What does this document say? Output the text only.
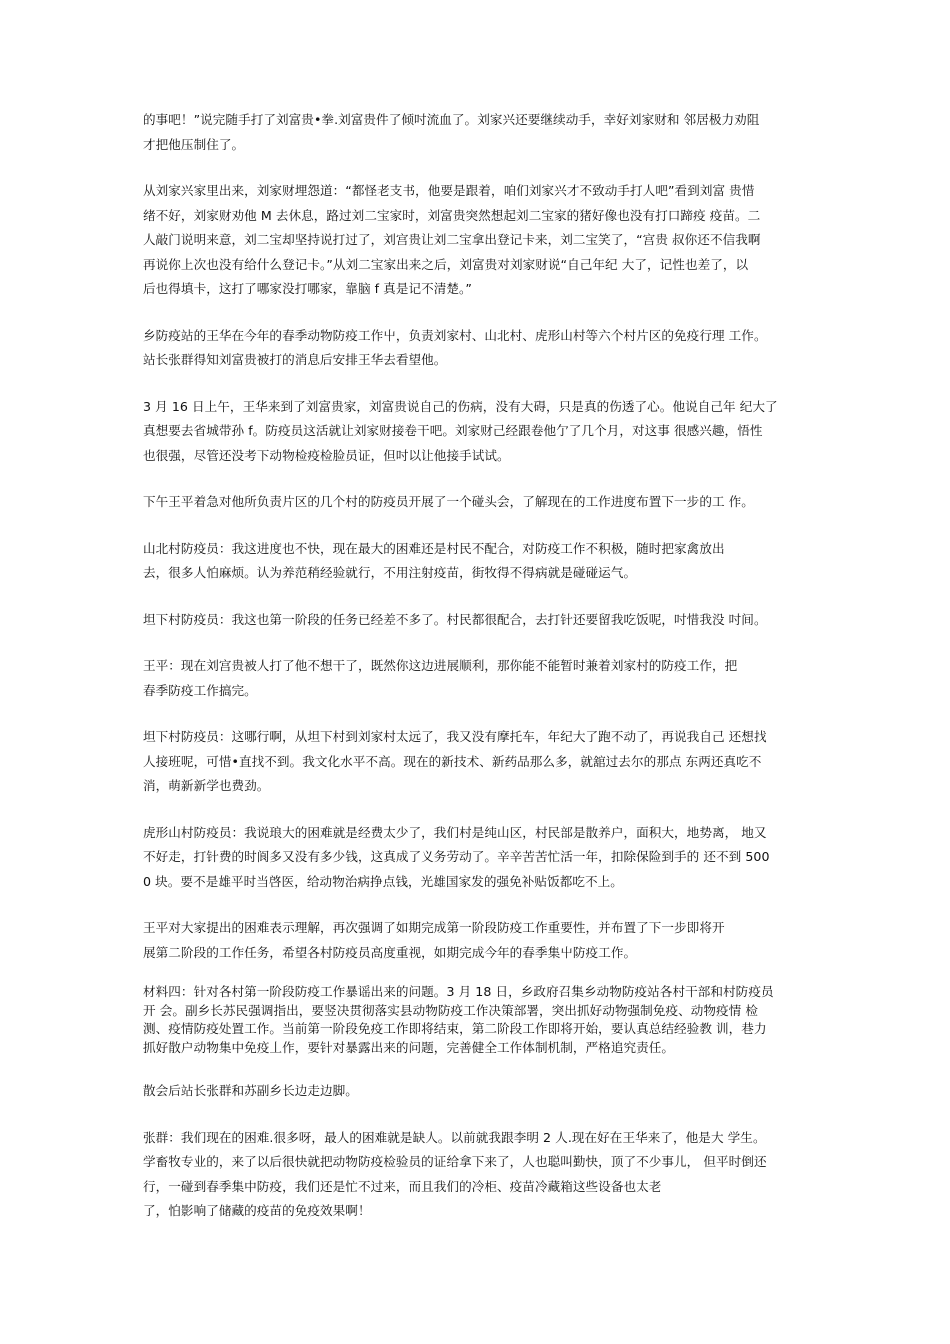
的事吧！”说完随手打了刘富贵•拳.刘富贵件了倾吋流血了。刘家兴还要继续动手，幸好刘家财和 邻居极力劝阻
才把他压制住了。

从刘家兴家里出来，刘家财埋怨道：“都怪老支书，他要是跟着，咱们刘家兴才不致动手打人吧”看到刘富 贵惜
绪不好，刘家财劝他 M 去休息，路过刘二宝家时，刘富贵突然想起刘二宝家的猪好像也没有打口蹄疫 疫苗。二
人敲门说明来意，刘二宝却坚持说打过了，刘宫贵让刘二宝拿出登记卡来，刘二宝笑了，“宫贵 叔你还不信我啊
再说你上次也没有给什么登记卡。”从刘二宝家出来之后，刘富贵对刘家财说“自己年纪 大了，记性也差了，以
后也得填卡，这打了哪家没打哪家，靠脑 f 真是记不清楚。”

乡防疫站的王华在今年的春季动物防疫工作屮，负责刘家村、山北村、虎形山村等六个村片区的免疫行理 工作。
站长张群得知刘富贵被打的消息后安排王华去看望他。

3 月 16 日上午，王华来到了刘富贵家，刘富贵说自己的伤病，没有大碍，只是真的伤透了心。他说自己年 纪大了
真想要去省城带孙 f。防疫员这活就让刘家财接卷干吧。刘家财己经跟卷他亇了几个月，对这事 很感兴趣，悟性
也很强，尽管还没考下动物检疫检脸员证，但吋以让他接手试试。

下午王平着急对他所负责片区的几个村的防疫员开展了一个碰头会，了解现在的工作进度布置下一步的工 作。

山北村防疫员：我这进度也不快，现在最大的困难还是村民不配合，对防疫工作不积极，随时把家禽放出
去，很多人怕麻烦。认为养范稍经验就行，不用注射疫苗，街牧得不得病就是碰碰运气。

坦下村防疫员：我这也第一阶段的任务已经差不多了。村民都很配合，去打针还要留我吃饭呢，吋惜我没 吋间。

王平：现在刘宫贵被人打了他不想干了，既然你这边进展顺利，那你能不能暂时兼着刘家村的防疫工作，把
春季防疫工作搞完。

坦下村防疫员：这哪行啊，从坦下村到刘家村太远了，我又没有摩托车，年纪大了跑不动了，再说我自己 还想找
人接班呢，可惜•直找不到。我文化水平不高。现在的新技术、新药品那么多，就舘过去尔的那点 东两还真吃不
消，萌新新学也费劲。

虎形山村防疫员：我说琅大的困难就是经费太少了，我们村是纯山区，村民部是散养户，面积大，地势离， 地又
不好走，打针费的时阆多又没有多少钱，这真成了义务劳动了。辛辛苦苦忙活一年，扣除保险到手的 还不到 500
0 块。要不是雄平时当啓医，给动物治病挣点钱，光雄国家发的强免补贴饭都吃不上。

王平对大家提出的困难表示理解，再次强调了如期完成第一阶段防疫工作重要性，并布置了下一步即将开
展第二阶段的工作任务，希望各村防疫员高度重视，如期完成今年的春季集屮防疫工作。

材料四：针对各村第一阶段防疫工作暴谣出来的问题。3 月 18 日，乡政府召集乡动物防疫站各村干部和村防疫员
开 会。副乡长苏民强调指出，要竖决贯彻落实县动物防疫工作决策部署，突出抓好动物强制免疫、动物疫情 检
测、疫情防疫处置工作。当前第一阶段免疫工作即将结束，第二阶段工作即将开始，要认真总结经验教 训，巷力
抓好散户动物集中免疫丄作，要针对暴露出来的问题，完善健全工作体制机制，严格追究责任。

散会后站长张群和苏副乡长边走边脚。

张群：我们现在的困难.很多呀，最人的困难就是缺人。以前就我跟李明 2 人.现在好在王华来了，他是大 学生。
学畜牧专业的，来了以后很快就把动物防疫检验员的证给拿下来了，人也聪叫勤快，顶了不少事儿， 但平时倒还
行，一碰到春季集中防疫，我们还是忙不过来，而且我们的冷柜、疫苗冷藏箱这些设备也太老
了，怕影响了储藏的疫苗的免疫效果啊！
